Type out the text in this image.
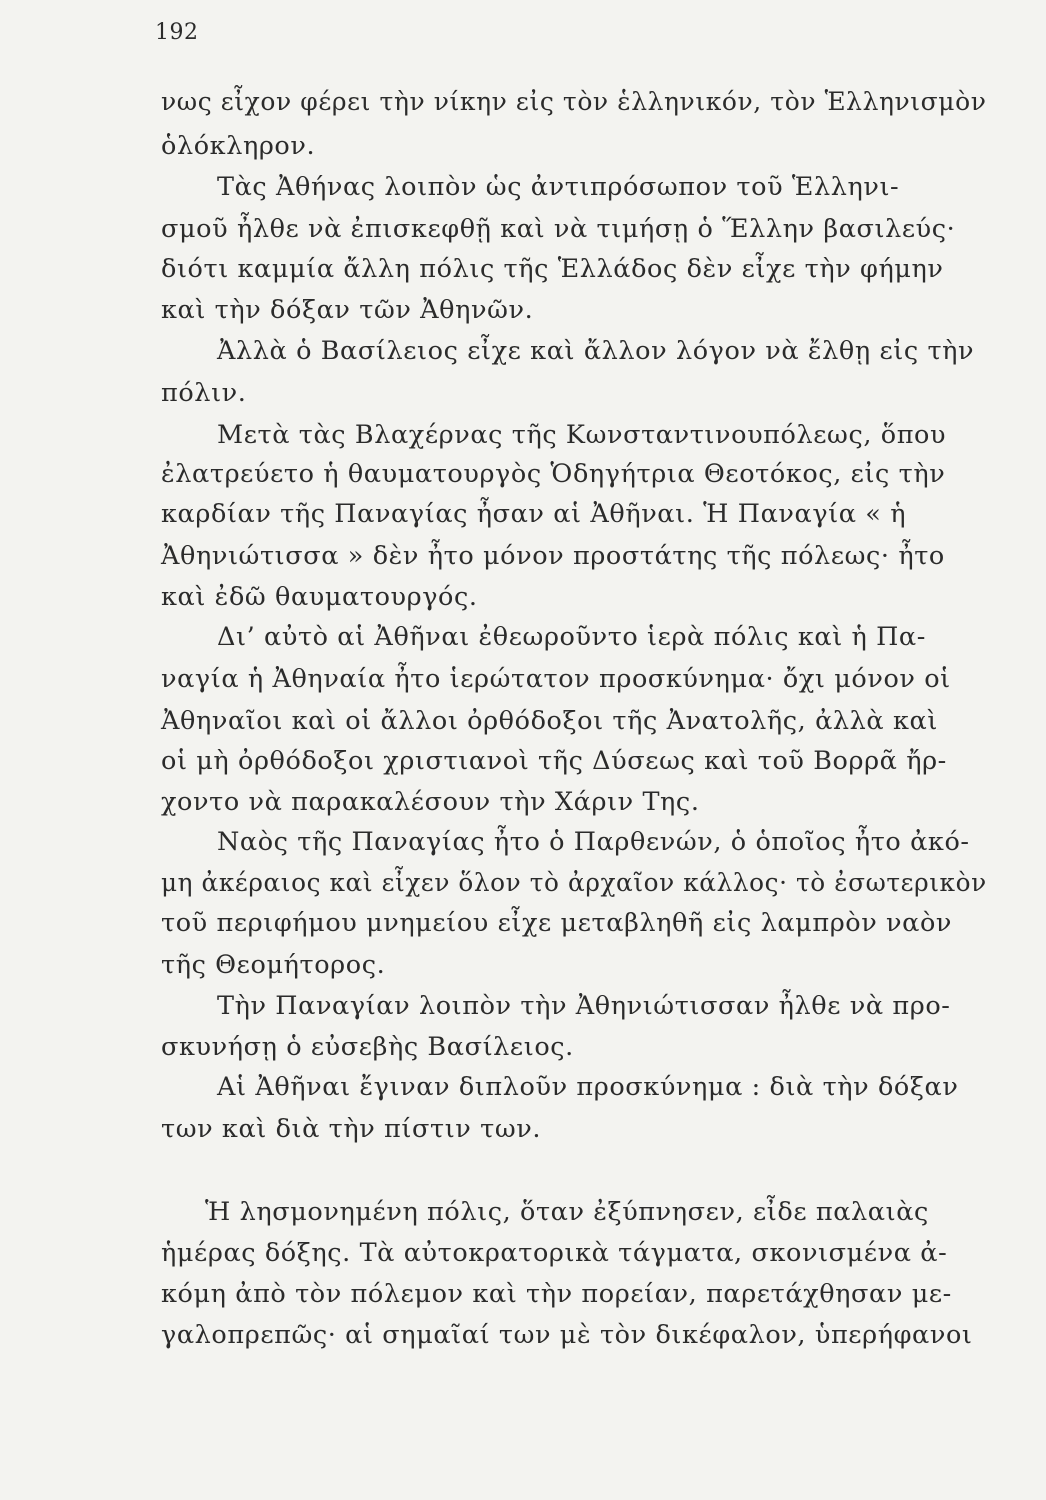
192
νως εἶχον φέρει τὴν νίκην εἰς τὸν ἑλληνικόν, τὸν Ἑλληνισμὸν
ὁλόκληρον.
Τὰς Ἀθήνας λοιπὸν ὡς ἀντιπρόσωπον τοῦ Ἑλληνι-
σμοῦ ἦλθε νὰ ἐπισκεφθῇ καὶ νὰ τιμήσῃ ὁ Ἕλλην βασιλεύς·
διότι καμμία ἄλλη πόλις τῆς Ἑλλάδος δὲν εἶχε τὴν φήμην
καὶ τὴν δόξαν τῶν Ἀθηνῶν.
Ἀλλὰ ὁ Βασίλειος εἶχε καὶ ἄλλον λόγον νὰ ἔλθῃ εἰς τὴν
πόλιν.
Μετὰ τὰς Βλαχέρνας τῆς Κωνσταντινουπόλεως, ὅπου
ἐλατρεύετο ἡ θαυματουργὸς Ὁδηγήτρια Θεοτόκος, εἰς τὴν
καρδίαν τῆς Παναγίας ἦσαν αἱ Ἀθῆναι. Ἡ Παναγία « ἡ
Ἀθηνιώτισσα » δὲν ἦτο μόνον προστάτης τῆς πόλεως· ἦτο
καὶ ἐδῶ θαυματουργός.
Δι’ αὐτὸ αἱ Ἀθῆναι ἐθεωροῦντο ἱερὰ πόλις καὶ ἡ Πα-
ναγία ἡ Ἀθηναία ἦτο ἱερώτατον προσκύνημα· ὄχι μόνον οἱ
Ἀθηναῖοι καὶ οἱ ἄλλοι ὀρθόδοξοι τῆς Ἀνατολῆς, ἀλλὰ καὶ
οἱ μὴ ὀρθόδοξοι χριστιανοὶ τῆς Δύσεως καὶ τοῦ Βορρᾶ ἤρ-
χοντο νὰ παρακαλέσουν τὴν Χάριν Της.
Ναὸς τῆς Παναγίας ἦτο ὁ Παρθενών, ὁ ὁποῖος ἦτο ἀκό-
μη ἀκέραιος καὶ εἶχεν ὅλον τὸ ἀρχαῖον κάλλος· τὸ ἐσωτερικὸν
τοῦ περιφήμου μνημείου εἶχε μεταβληθῆ εἰς λαμπρὸν ναὸν
τῆς Θεομήτορος.
Τὴν Παναγίαν λοιπὸν τὴν Ἀθηνιώτισσαν ἦλθε νὰ προ-
σκυνήσῃ ὁ εὐσεβὴς Βασίλειος.
Αἱ Ἀθῆναι ἔγιναν διπλοῦν προσκύνημα : διὰ τὴν δόξαν
των καὶ διὰ τὴν πίστιν των.
Ἡ λησμονημένη πόλις, ὅταν ἐξύπνησεν, εἶδε παλαιὰς
ἡμέρας δόξης. Τὰ αὐτοκρατορικὰ τάγματα, σκονισμένα ἀ-
κόμη ἀπὸ τὸν πόλεμον καὶ τὴν πορείαν, παρετάχθησαν με-
γαλοπρεπῶς· αἱ σημαῖαί των μὲ τὸν δικέφαλον, ὑπερήφανοι
